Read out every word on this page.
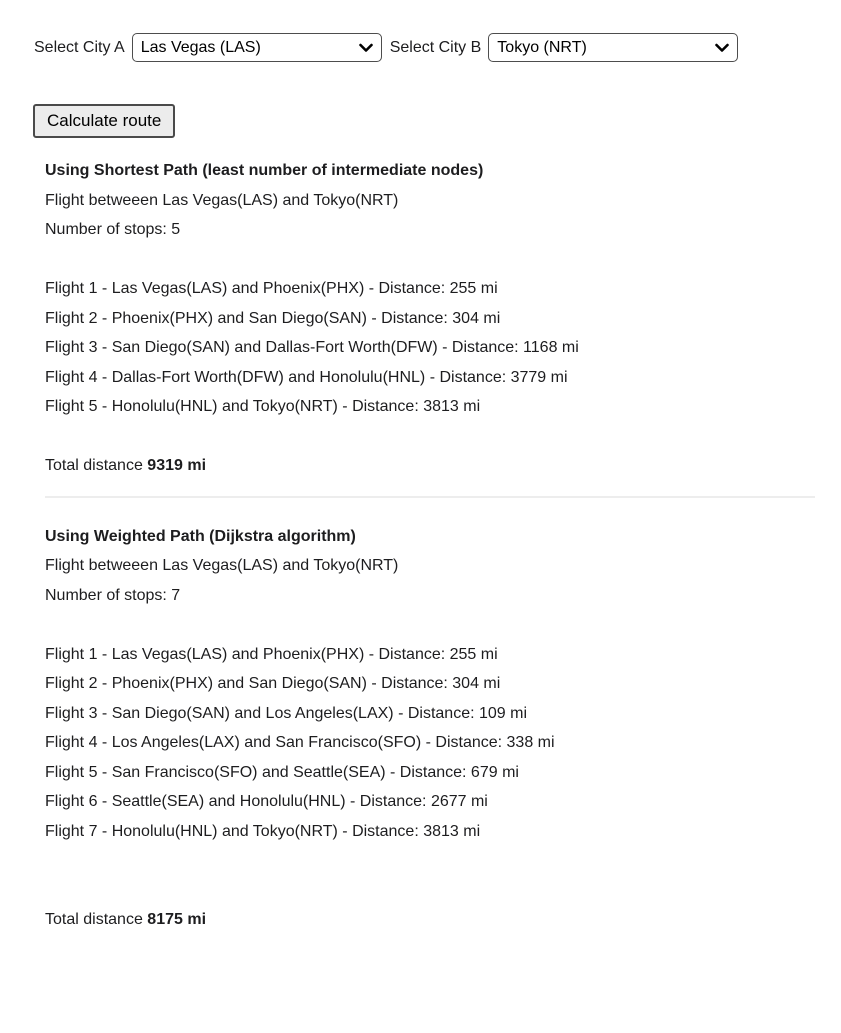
Select City A
Las Vegas (LAS)	Select City B
Tokyo (NRT)
Calculate route
Using Shortest Path (least number of intermediate nodes)
Flight betweeen Las Vegas(LAS) and Tokyo(NRT)
Number of stops: 5
Flight 1 - Las Vegas(LAS) and Phoenix(PHX) - Distance: 255 mi
Flight 2 - Phoenix(PHX) and San Diego(SAN) - Distance: 304 mi
Flight 3 - San Diego(SAN) and Dallas-Fort Worth(DFW) - Distance: 1168 mi
Flight 4 - Dallas-Fort Worth(DFW) and Honolulu(HNL) - Distance: 3779 mi
Flight 5 - Honolulu(HNL) and Tokyo(NRT) - Distance: 3813 mi
Total distance 9319 mi
Using Weighted Path (Dijkstra algorithm)
Flight betweeen Las Vegas(LAS) and Tokyo(NRT)
Number of stops: 7
Flight 1 - Las Vegas(LAS) and Phoenix(PHX) - Distance: 255 mi
Flight 2 - Phoenix(PHX) and San Diego(SAN) - Distance: 304 mi
Flight 3 - San Diego(SAN) and Los Angeles(LAX) - Distance: 109 mi
Flight 4 - Los Angeles(LAX) and San Francisco(SFO) - Distance: 338 mi
Flight 5 - San Francisco(SFO) and Seattle(SEA) - Distance: 679 mi
Flight 6 - Seattle(SEA) and Honolulu(HNL) - Distance: 2677 mi
Flight 7 - Honolulu(HNL) and Tokyo(NRT) - Distance: 3813 mi
Total distance 8175 mi
